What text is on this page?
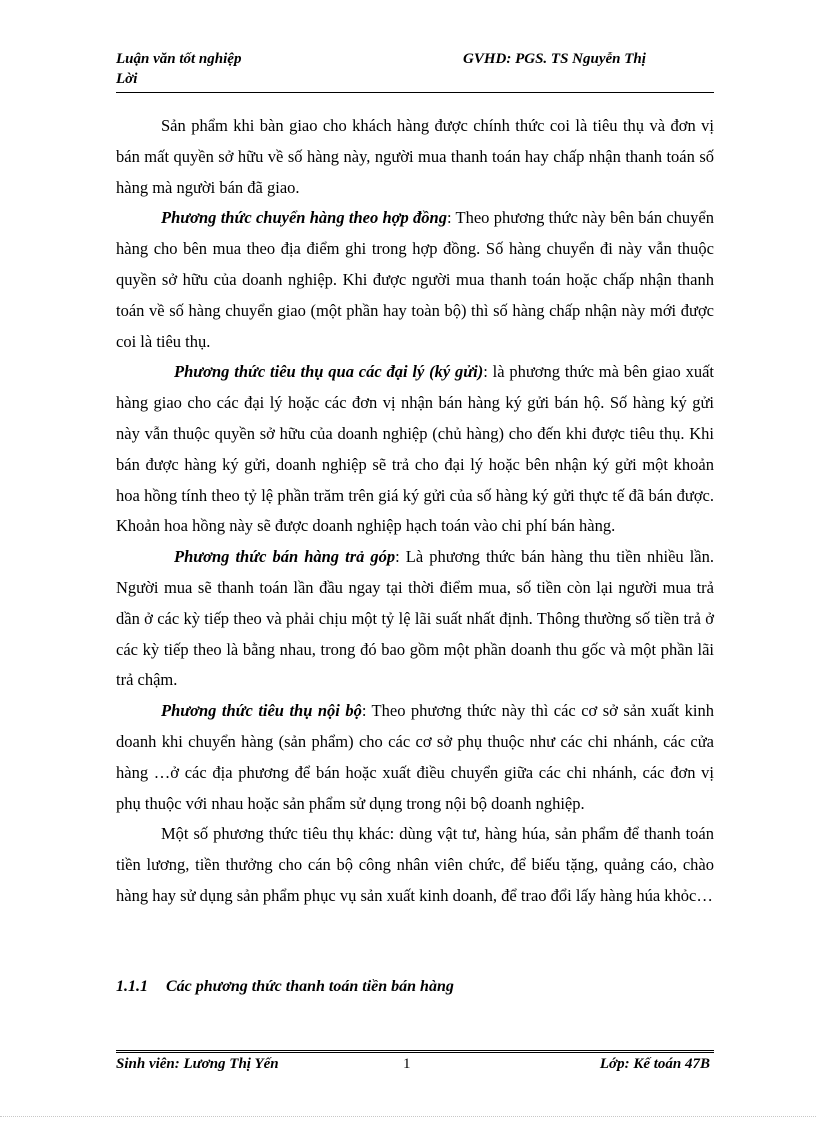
Luận văn tốt nghiệp	GVHD: PGS. TS Nguyễn Thị
Lời

Sản phẩm khi bàn giao cho khách hàng được chính thức coi là tiêu thụ và đơn vị bán mất quyền sở hữu về số hàng này, người mua thanh toán hay chấp nhận thanh toán số hàng mà người bán đã giao.

Phương thức chuyển hàng theo hợp đồng: Theo phương thức này bên bán chuyển hàng cho bên mua theo địa điểm ghi trong hợp đồng. Số hàng chuyển đi này vẫn thuộc quyền sở hữu của doanh nghiệp. Khi được người mua thanh toán hoặc chấp nhận thanh toán về số hàng chuyển giao (một phần hay toàn bộ) thì số hàng chấp nhận này mới được coi là tiêu thụ.

Phương thức tiêu thụ qua các đại lý (ký gửi): là phương thức mà bên giao xuất hàng giao cho các đại lý hoặc các đơn vị nhận bán hàng ký gửi bán hộ. Số hàng ký gửi này vẫn thuộc quyền sở hữu của doanh nghiệp (chủ hàng) cho đến khi được tiêu thụ. Khi bán được hàng ký gửi, doanh nghiệp sẽ trả cho đại lý hoặc bên nhận ký gửi một khoản hoa hồng tính theo tỷ lệ phần trăm trên giá ký gửi của số hàng ký gửi thực tế đã bán được. Khoản hoa hồng này sẽ được doanh nghiệp hạch toán vào chi phí bán hàng.

Phương thức bán hàng trả góp: Là phương thức bán hàng thu tiền nhiều lần. Người mua sẽ thanh toán lần đầu ngay tại thời điểm mua, số tiền còn lại người mua trả dần ở các kỳ tiếp theo và phải chịu một tỷ lệ lãi suất nhất định. Thông thường số tiền trả ở các kỳ tiếp theo là bằng nhau, trong đó bao gồm một phần doanh thu gốc và một phần lãi trả chậm.

Phương thức tiêu thụ nội bộ: Theo phương thức này thì các cơ sở sản xuất kinh doanh khi chuyển hàng (sản phẩm) cho các cơ sở phụ thuộc như các chi nhánh, các cửa hàng …ở các địa phương để bán hoặc xuất điều chuyển giữa các chi nhánh, các đơn vị phụ thuộc với nhau hoặc sản phẩm sử dụng trong nội bộ doanh nghiệp.

Một số phương thức tiêu thụ khác: dùng vật tư, hàng húa, sản phẩm để thanh toán tiền lương, tiền thưởng cho cán bộ công nhân viên chức, để biếu tặng, quảng cáo, chào hàng hay sử dụng sản phẩm phục vụ sản xuất kinh doanh, để trao đổi lấy hàng húa khỏc…

1.1.1 Các phương thức thanh toán tiền bán hàng
Sinh viên: Lương Thị Yến	1	Lớp: Kế toán 47B
